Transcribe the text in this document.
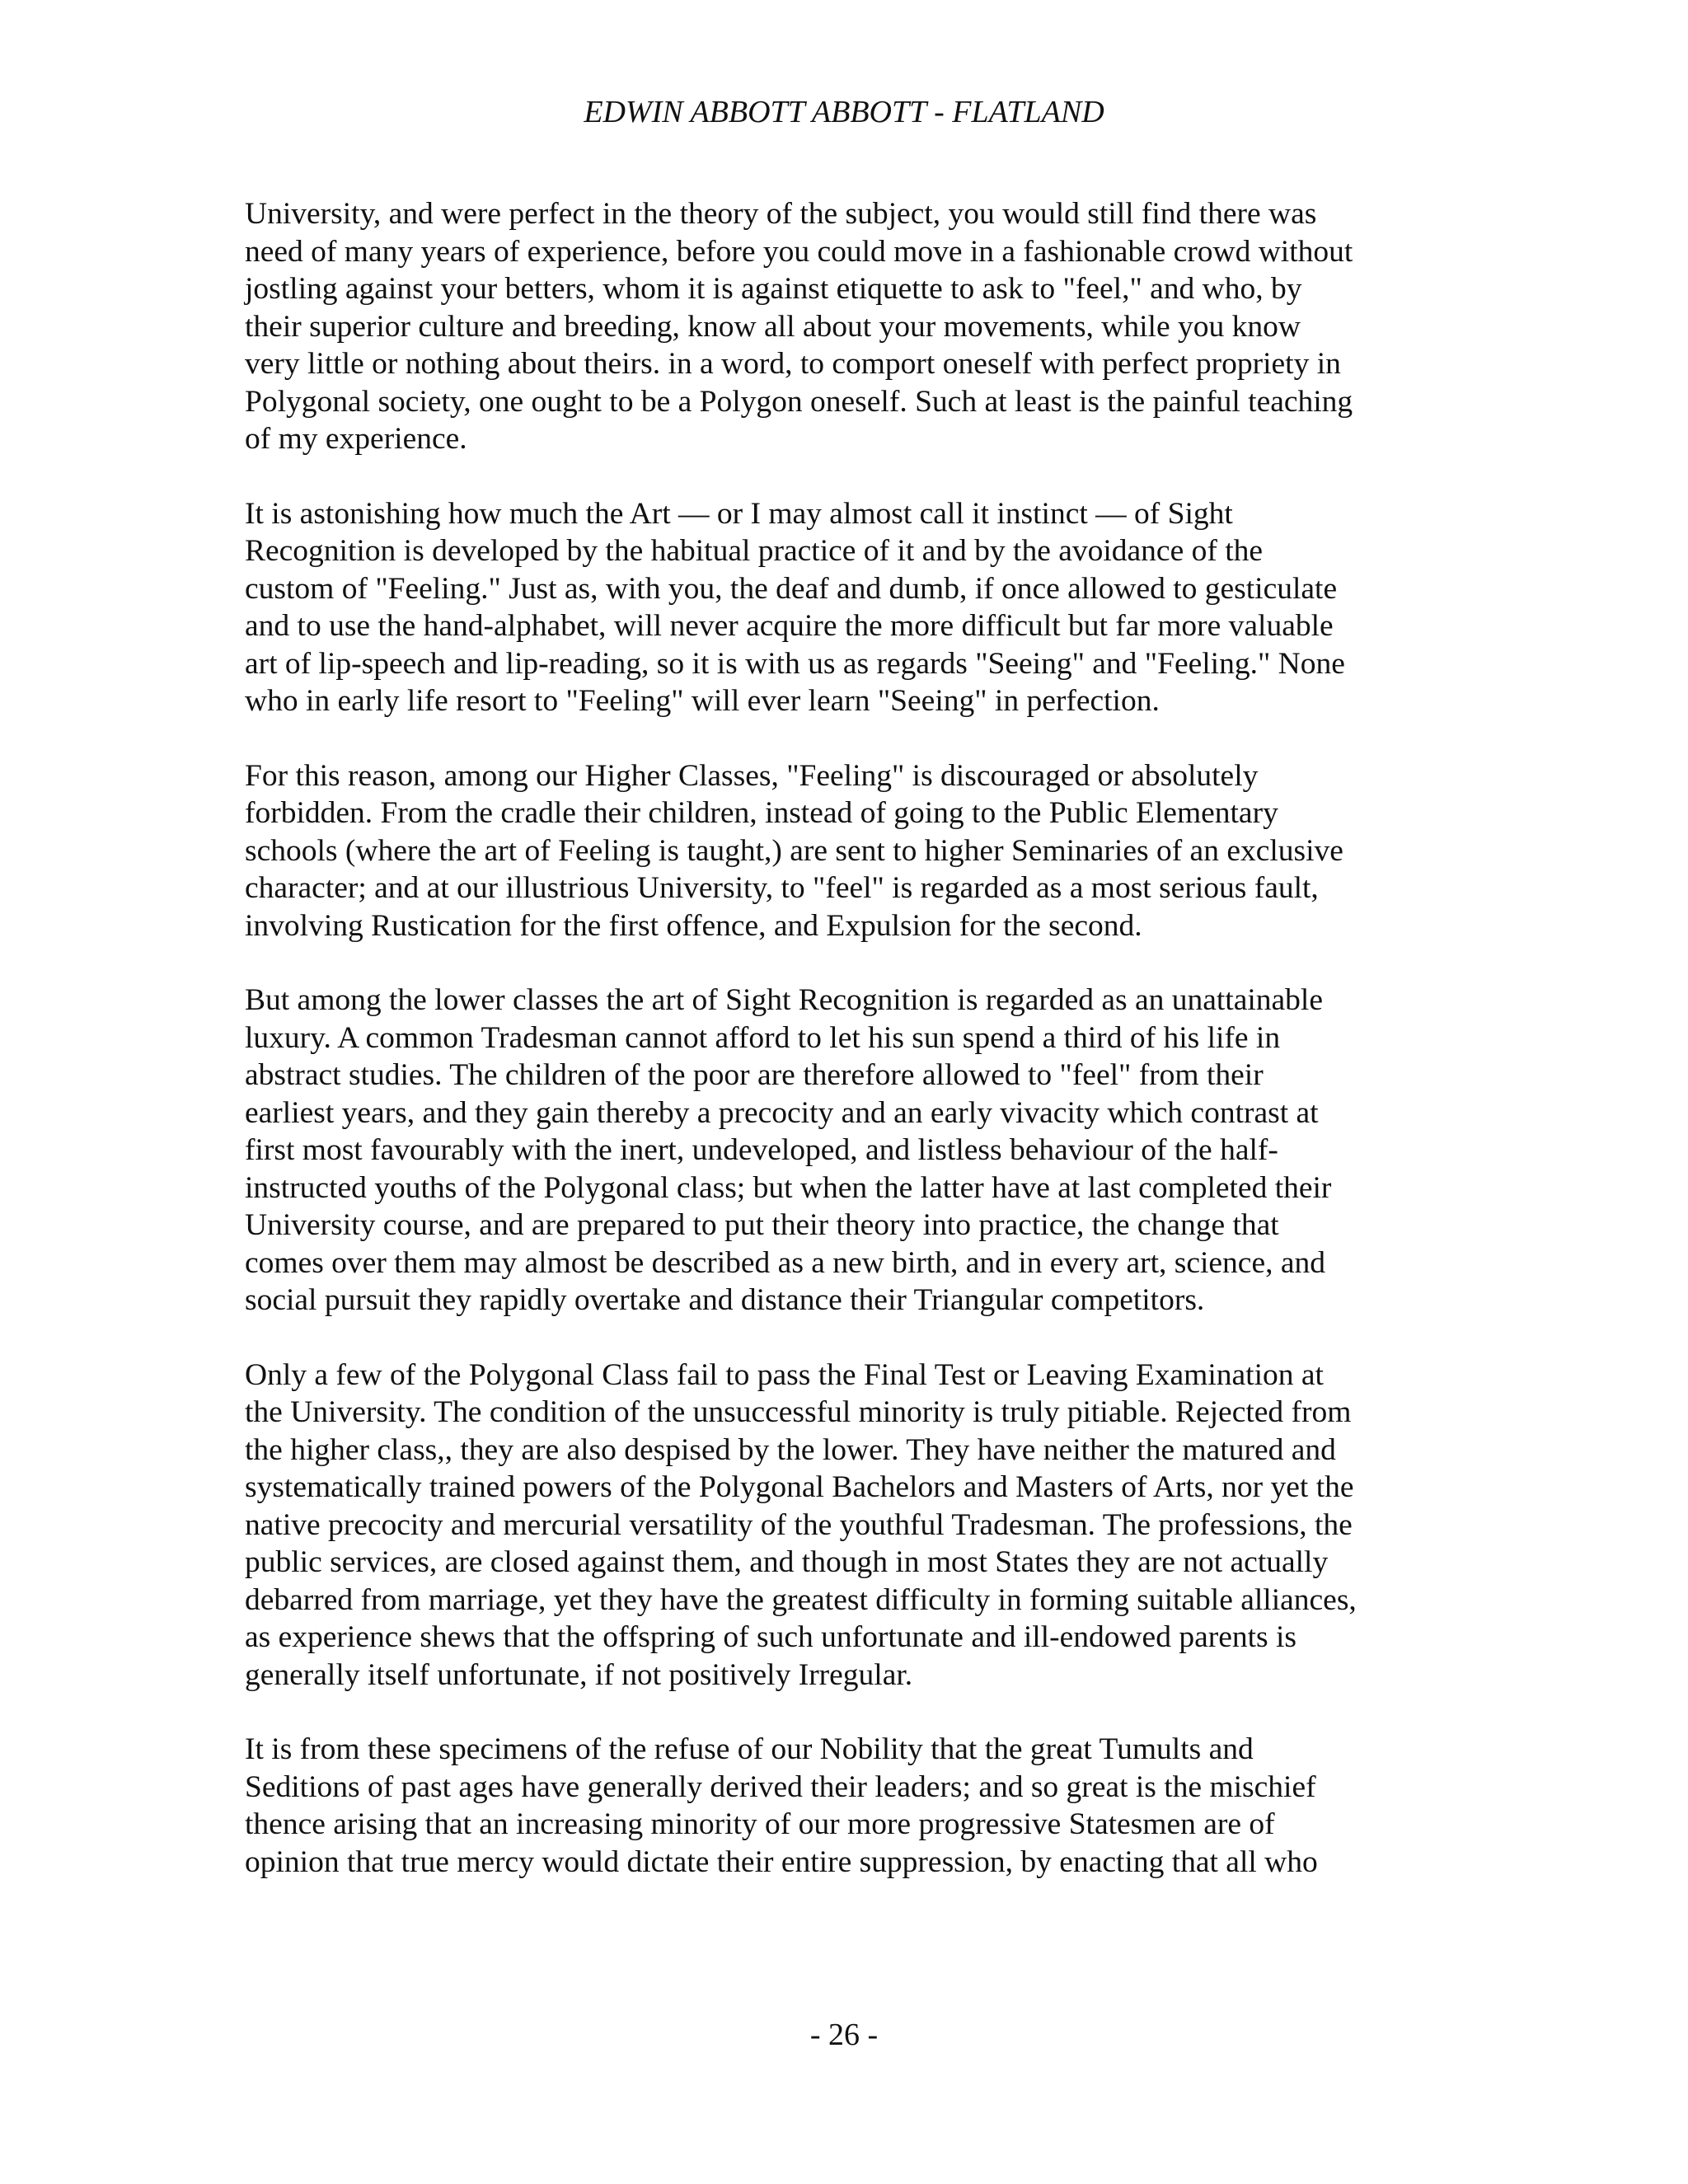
EDWIN ABBOTT ABBOTT - FLATLAND

University, and were perfect in the theory of the subject, you would still find there was
need of many years of experience, before you could move in a fashionable crowd without
jostling against your betters, whom it is against etiquette to ask to "feel," and who, by
their superior culture and breeding, know all about your movements, while you know
very little or nothing about theirs. in a word, to comport oneself with perfect propriety in
Polygonal society, one ought to be a Polygon oneself. Such at least is the painful teaching
of my experience.

It is astonishing how much the Art — or I may almost call it instinct — of Sight
Recognition is developed by the habitual practice of it and by the avoidance of the
custom of "Feeling." Just as, with you, the deaf and dumb, if once allowed to gesticulate
and to use the hand-alphabet, will never acquire the more difficult but far more valuable
art of lip-speech and lip-reading, so it is with us as regards "Seeing" and "Feeling." None
who in early life resort to "Feeling" will ever learn "Seeing" in perfection.

For this reason, among our Higher Classes, "Feeling" is discouraged or absolutely
forbidden. From the cradle their children, instead of going to the Public Elementary
schools (where the art of Feeling is taught,) are sent to higher Seminaries of an exclusive
character; and at our illustrious University, to "feel" is regarded as a most serious fault,
involving Rustication for the first offence, and Expulsion for the second.

But among the lower classes the art of Sight Recognition is regarded as an unattainable
luxury. A common Tradesman cannot afford to let his sun spend a third of his life in
abstract studies. The children of the poor are therefore allowed to "feel" from their
earliest years, and they gain thereby a precocity and an early vivacity which contrast at
first most favourably with the inert, undeveloped, and listless behaviour of the half-
instructed youths of the Polygonal class; but when the latter have at last completed their
University course, and are prepared to put their theory into practice, the change that
comes over them may almost be described as a new birth, and in every art, science, and
social pursuit they rapidly overtake and distance their Triangular competitors.

Only a few of the Polygonal Class fail to pass the Final Test or Leaving Examination at
the University. The condition of the unsuccessful minority is truly pitiable. Rejected from
the higher class,, they are also despised by the lower. They have neither the matured and
systematically trained powers of the Polygonal Bachelors and Masters of Arts, nor yet the
native precocity and mercurial versatility of the youthful Tradesman. The professions, the
public services, are closed against them, and though in most States they are not actually
debarred from marriage, yet they have the greatest difficulty in forming suitable alliances,
as experience shews that the offspring of such unfortunate and ill-endowed parents is
generally itself unfortunate, if not positively Irregular.

It is from these specimens of the refuse of our Nobility that the great Tumults and
Seditions of past ages have generally derived their leaders; and so great is the mischief
thence arising that an increasing minority of our more progressive Statesmen are of
opinion that true mercy would dictate their entire suppression, by enacting that all who

- 26 -
